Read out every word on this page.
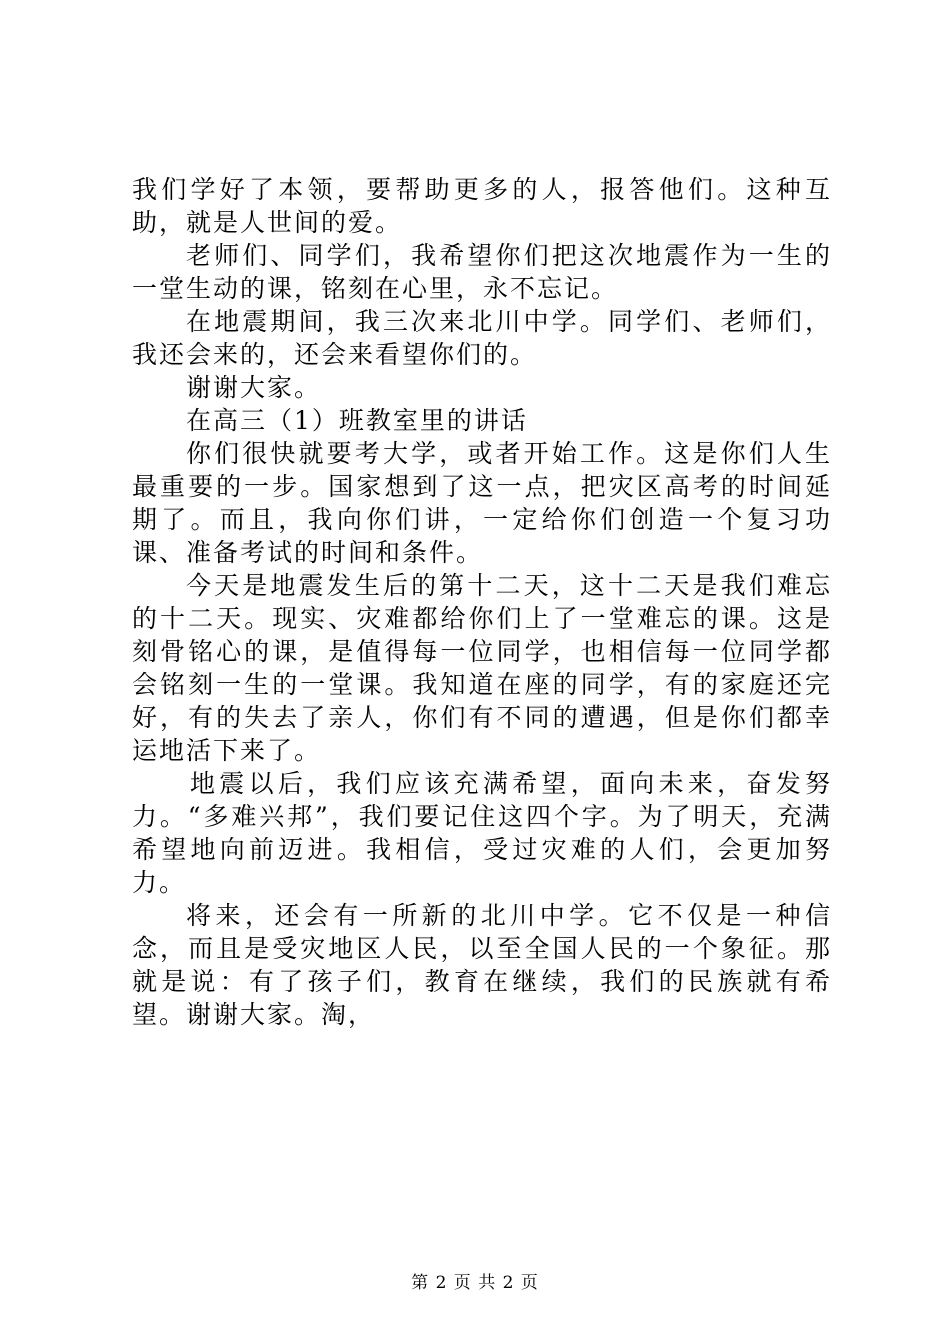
我们学好了本领，要帮助更多的人，报答他们。这种互助，就是人世间的爱。

老师们、同学们，我希望你们把这次地震作为一生的一堂生动的课，铭刻在心里，永不忘记。

在地震期间，我三次来北川中学。同学们、老师们，我还会来的，还会来看望你们的。

谢谢大家。

在高三（1）班教室里的讲话

你们很快就要考大学，或者开始工作。这是你们人生最重要的一步。国家想到了这一点，把灾区高考的时间延期了。而且，我向你们讲，一定给你们创造一个复习功课、准备考试的时间和条件。

今天是地震发生后的第十二天，这十二天是我们难忘的十二天。现实、灾难都给你们上了一堂难忘的课。这是刻骨铭心的课，是值得每一位同学，也相信每一位同学都会铭刻一生的一堂课。我知道在座的同学，有的家庭还完好，有的失去了亲人，你们有不同的遭遇，但是你们都幸运地活下来了。

地震以后，我们应该充满希望，面向未来，奋发努力。“多难兴邦”，我们要记住这四个字。为了明天，充满希望地向前迈进。我相信，受过灾难的人们，会更加努力。

将来，还会有一所新的北川中学。它不仅是一种信念，而且是受灾地区人民，以至全国人民的一个象征。那就是说：有了孩子们，教育在继续，我们的民族就有希望。谢谢大家。淘，

第 2 页 共 2 页
